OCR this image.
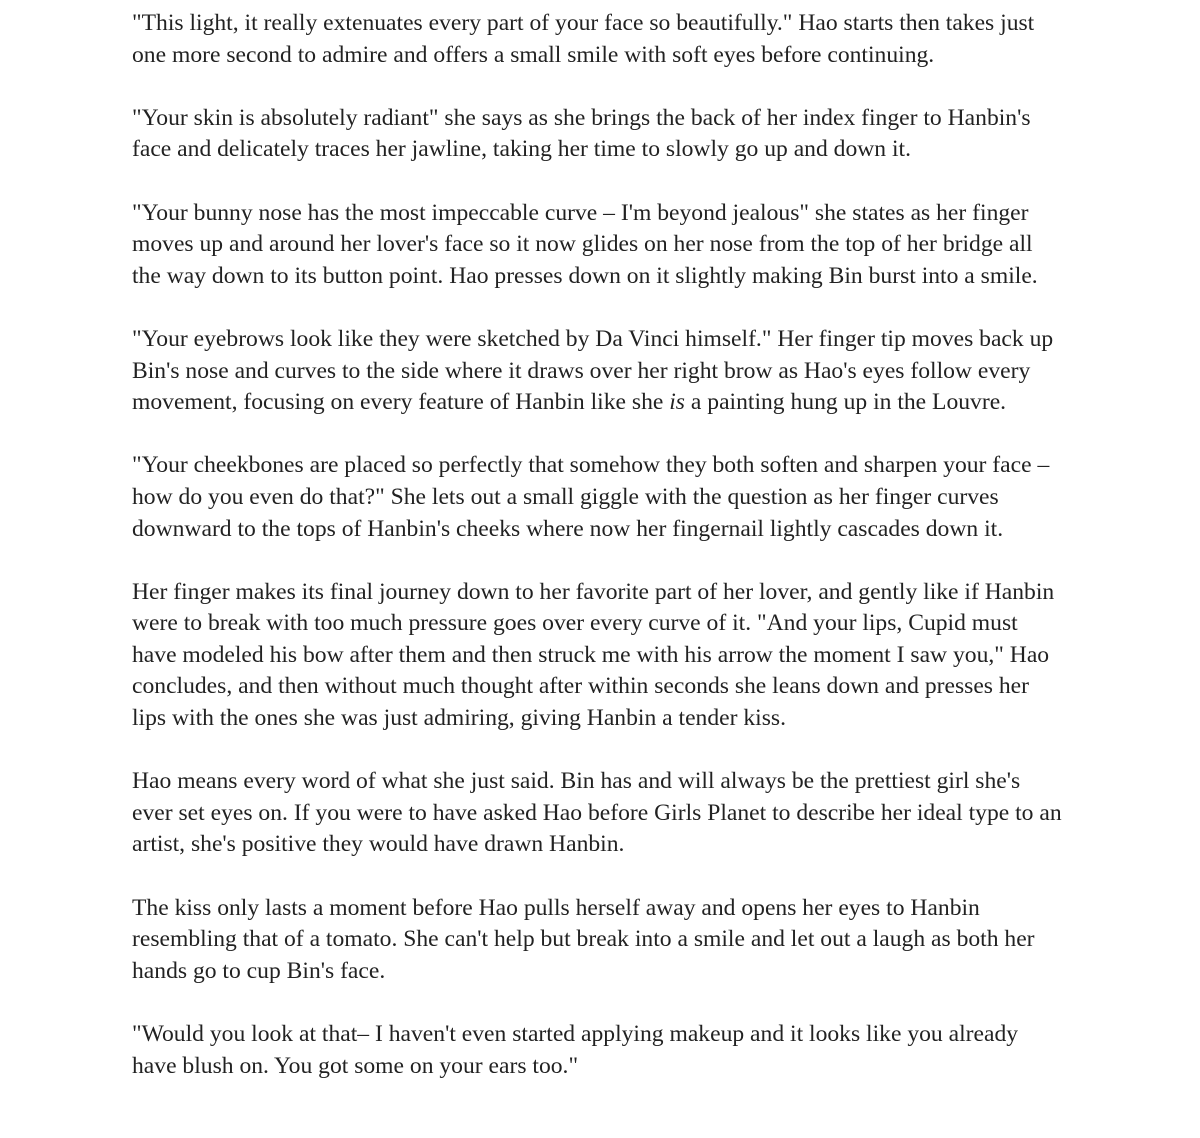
"This light, it really extenuates every part of your face so beautifully." Hao starts then takes just one more second to admire and offers a small smile with soft eyes before continuing.

"Your skin is absolutely radiant" she says as she brings the back of her index finger to Hanbin's face and delicately traces her jawline, taking her time to slowly go up and down it.

"Your bunny nose has the most impeccable curve – I'm beyond jealous" she states as her finger moves up and around her lover's face so it now glides on her nose from the top of her bridge all the way down to its button point. Hao presses down on it slightly making Bin burst into a smile.

"Your eyebrows look like they were sketched by Da Vinci himself." Her finger tip moves back up Bin's nose and curves to the side where it draws over her right brow as Hao's eyes follow every movement, focusing on every feature of Hanbin like she is a painting hung up in the Louvre.

"Your cheekbones are placed so perfectly that somehow they both soften and sharpen your face – how do you even do that?" She lets out a small giggle with the question as her finger curves downward to the tops of Hanbin's cheeks where now her fingernail lightly cascades down it.

Her finger makes its final journey down to her favorite part of her lover, and gently like if Hanbin were to break with too much pressure goes over every curve of it. "And your lips, Cupid must have modeled his bow after them and then struck me with his arrow the moment I saw you," Hao concludes, and then without much thought after within seconds she leans down and presses her lips with the ones she was just admiring, giving Hanbin a tender kiss.

Hao means every word of what she just said. Bin has and will always be the prettiest girl she's ever set eyes on. If you were to have asked Hao before Girls Planet to describe her ideal type to an artist, she's positive they would have drawn Hanbin.

The kiss only lasts a moment before Hao pulls herself away and opens her eyes to Hanbin resembling that of a tomato. She can't help but break into a smile and let out a laugh as both her hands go to cup Bin's face.

"Would you look at that– I haven't even started applying makeup and it looks like you already have blush on. You got some on your ears too."
